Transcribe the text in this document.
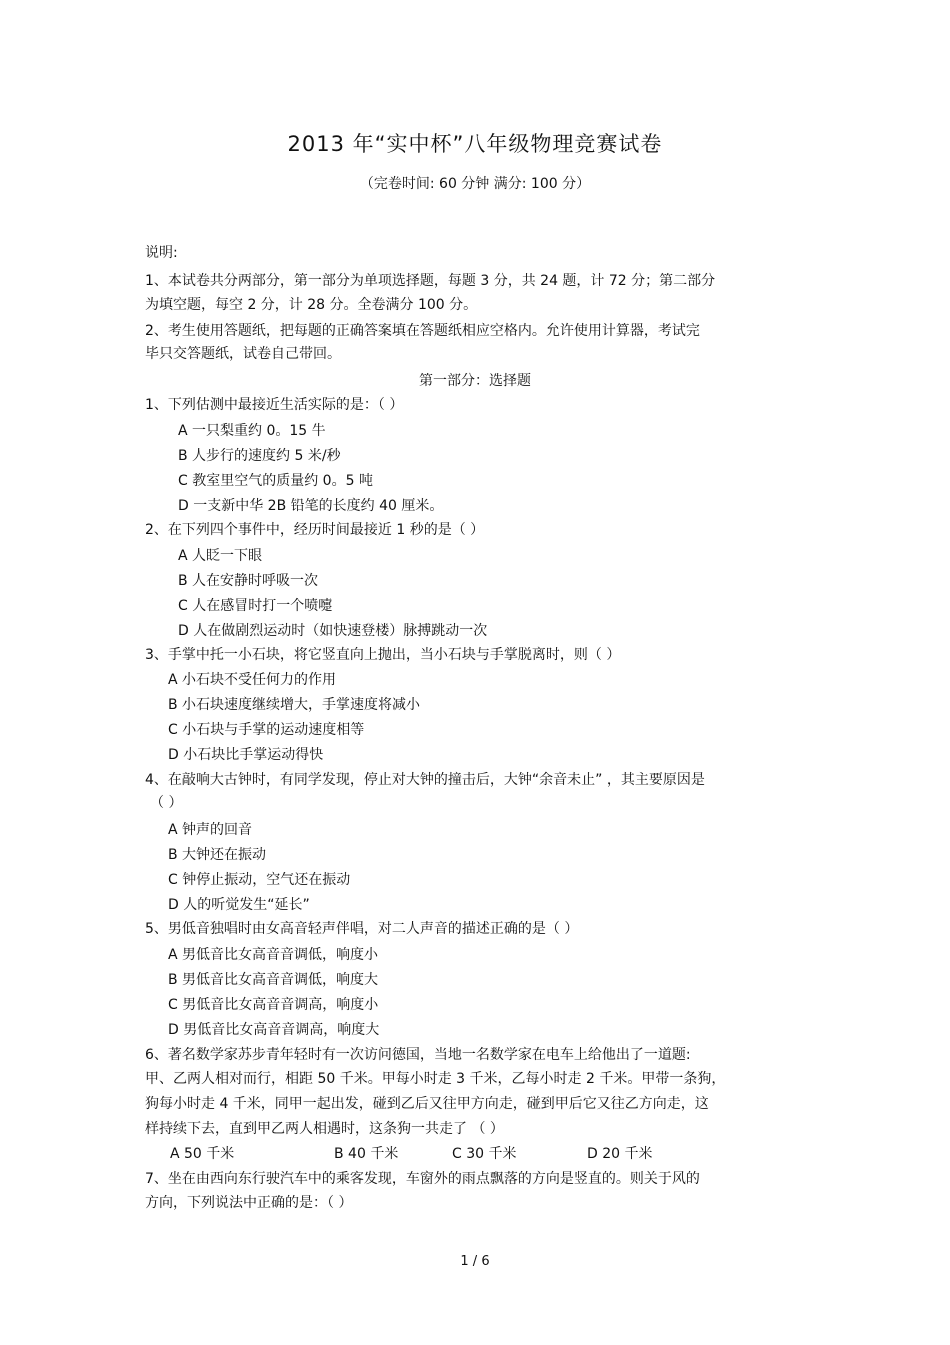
2013 年“实中杯”八年级物理竞赛试卷
（完卷时间: 60 分钟 满分: 100 分）
说明:
1、本试卷共分两部分，第一部分为单项选择题，每题 3 分，共 24 题，计 72 分；第二部分
为填空题，每空 2 分，计 28 分。全卷满分 100 分。
2、考生使用答题纸，把每题的正确答案填在答题纸相应空格内。允许使用计算器，考试完
毕只交答题纸，试卷自己带回。
第一部分：选择题
1、下列估测中最接近生活实际的是：（ ）
A 一只梨重约 0。15 牛
B 人步行的速度约 5 米/秒
C 教室里空气的质量约 0。5 吨
D 一支新中华 2B 铅笔的长度约 40 厘米。
2、在下列四个事件中，经历时间最接近 1 秒的是（ ）
A 人眨一下眼
B 人在安静时呼吸一次
C 人在感冒时打一个喷嚏
D 人在做剧烈运动时（如快速登楼）脉搏跳动一次
3、手掌中托一小石块，将它竖直向上抛出，当小石块与手掌脱离时，则（ ）
A 小石块不受任何力的作用
B 小石块速度继续增大，手掌速度将减小
C 小石块与手掌的运动速度相等
D 小石块比手掌运动得快
4、在敲响大古钟时，有同学发现，停止对大钟的撞击后，大钟“余音未止” ，其主要原因是
（ ）
A 钟声的回音
B 大钟还在振动
C 钟停止振动，空气还在振动
D 人的听觉发生“延长”
5、男低音独唱时由女高音轻声伴唱，对二人声音的描述正确的是（ ）
A 男低音比女高音音调低，响度小
B 男低音比女高音音调低，响度大
C 男低音比女高音音调高，响度小
D 男低音比女高音音调高，响度大
6、著名数学家苏步青年轻时有一次访问德国，当地一名数学家在电车上给他出了一道题:
甲、乙两人相对而行，相距 50 千米。甲每小时走 3 千米，乙每小时走 2 千米。甲带一条狗，
狗每小时走 4 千米，同甲一起出发，碰到乙后又往甲方向走，碰到甲后它又往乙方向走，这
样持续下去，直到甲乙两人相遇时，这条狗一共走了 （ ）
A 50 千米	B 40 千米	C 30 千米	D 20 千米
7、坐在由西向东行驶汽车中的乘客发现，车窗外的雨点飘落的方向是竖直的。则关于风的
方向，下列说法中正确的是：（ ）
1 / 6
